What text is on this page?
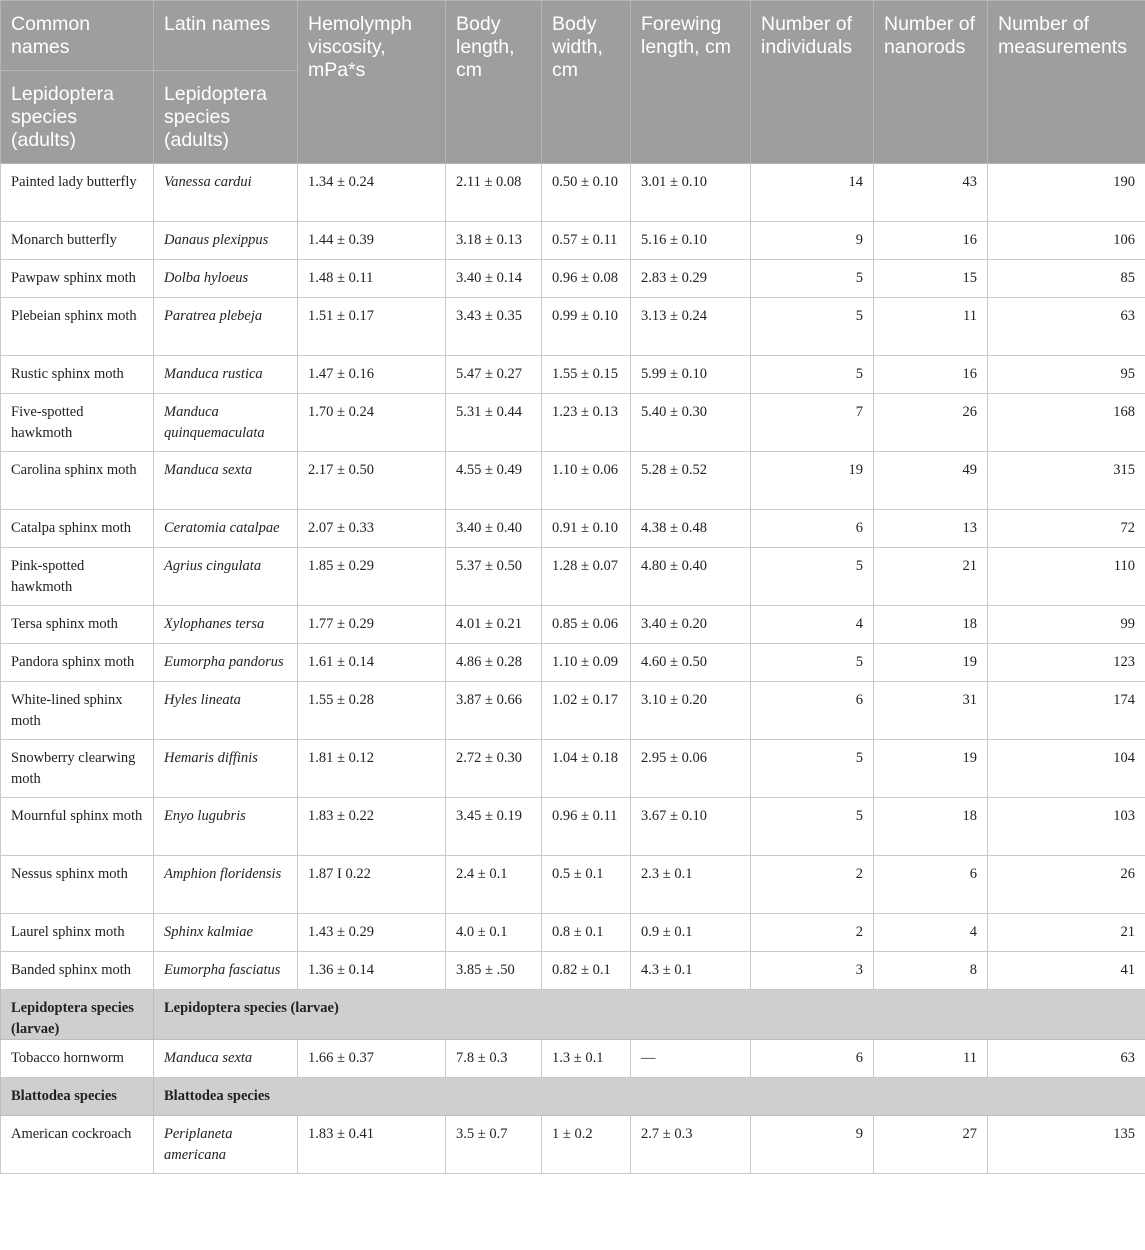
Common names	Latin names	Hemolymph viscosity, mPa*s	Body length, cm	Body width, cm	Forewing length, cm	Number of individuals	Number of nanorods	Number of measurements
Lepidoptera species (adults)	Lepidoptera species (adults)							
Painted lady butterfly	Vanessa cardui	1.34 ± 0.24	2.11 ± 0.08	0.50 ± 0.10	3.01 ± 0.10	14	43	190
Monarch butterfly	Danaus plexippus	1.44 ± 0.39	3.18 ± 0.13	0.57 ± 0.11	5.16 ± 0.10	9	16	106
Pawpaw sphinx moth	Dolba hyloeus	1.48 ± 0.11	3.40 ± 0.14	0.96 ± 0.08	2.83 ± 0.29	5	15	85
Plebeian sphinx moth	Paratrea plebeja	1.51 ± 0.17	3.43 ± 0.35	0.99 ± 0.10	3.13 ± 0.24	5	11	63
Rustic sphinx moth	Manduca rustica	1.47 ± 0.16	5.47 ± 0.27	1.55 ± 0.15	5.99 ± 0.10	5	16	95
Five-spotted hawkmoth	Manduca quinquemaculata	1.70 ± 0.24	5.31 ± 0.44	1.23 ± 0.13	5.40 ± 0.30	7	26	168
Carolina sphinx moth	Manduca sexta	2.17 ± 0.50	4.55 ± 0.49	1.10 ± 0.06	5.28 ± 0.52	19	49	315
Catalpa sphinx moth	Ceratomia catalpae	2.07 ± 0.33	3.40 ± 0.40	0.91 ± 0.10	4.38 ± 0.48	6	13	72
Pink-spotted hawkmoth	Agrius cingulata	1.85 ± 0.29	5.37 ± 0.50	1.28 ± 0.07	4.80 ± 0.40	5	21	110
Tersa sphinx moth	Xylophanes tersa	1.77 ± 0.29	4.01 ± 0.21	0.85 ± 0.06	3.40 ± 0.20	4	18	99
Pandora sphinx moth	Eumorpha pandorus	1.61 ± 0.14	4.86 ± 0.28	1.10 ± 0.09	4.60 ± 0.50	5	19	123
White-lined sphinx moth	Hyles lineata	1.55 ± 0.28	3.87 ± 0.66	1.02 ± 0.17	3.10 ± 0.20	6	31	174
Snowberry clearwing moth	Hemaris diffinis	1.81 ± 0.12	2.72 ± 0.30	1.04 ± 0.18	2.95 ± 0.06	5	19	104
Mournful sphinx moth	Enyo lugubris	1.83 ± 0.22	3.45 ± 0.19	0.96 ± 0.11	3.67 ± 0.10	5	18	103
Nessus sphinx moth	Amphion floridensis	1.87 I 0.22	2.4 ± 0.1	0.5 ± 0.1	2.3 ± 0.1	2	6	26
Laurel sphinx moth	Sphinx kalmiae	1.43 ± 0.29	4.0 ± 0.1	0.8 ± 0.1	0.9 ± 0.1	2	4	21
Banded sphinx moth	Eumorpha fasciatus	1.36 ± 0.14	3.85 ± .50	0.82 ± 0.1	4.3 ± 0.1	3	8	41
Lepidoptera species (larvae)	Lepidoptera species (larvae)							
Tobacco hornworm	Manduca sexta	1.66 ± 0.37	7.8 ± 0.3	1.3 ± 0.1	—	6	11	63
Blattodea species	Blattodea species							
American cockroach	Periplaneta americana	1.83 ± 0.41	3.5 ± 0.7	1 ± 0.2	2.7 ± 0.3	9	27	135
